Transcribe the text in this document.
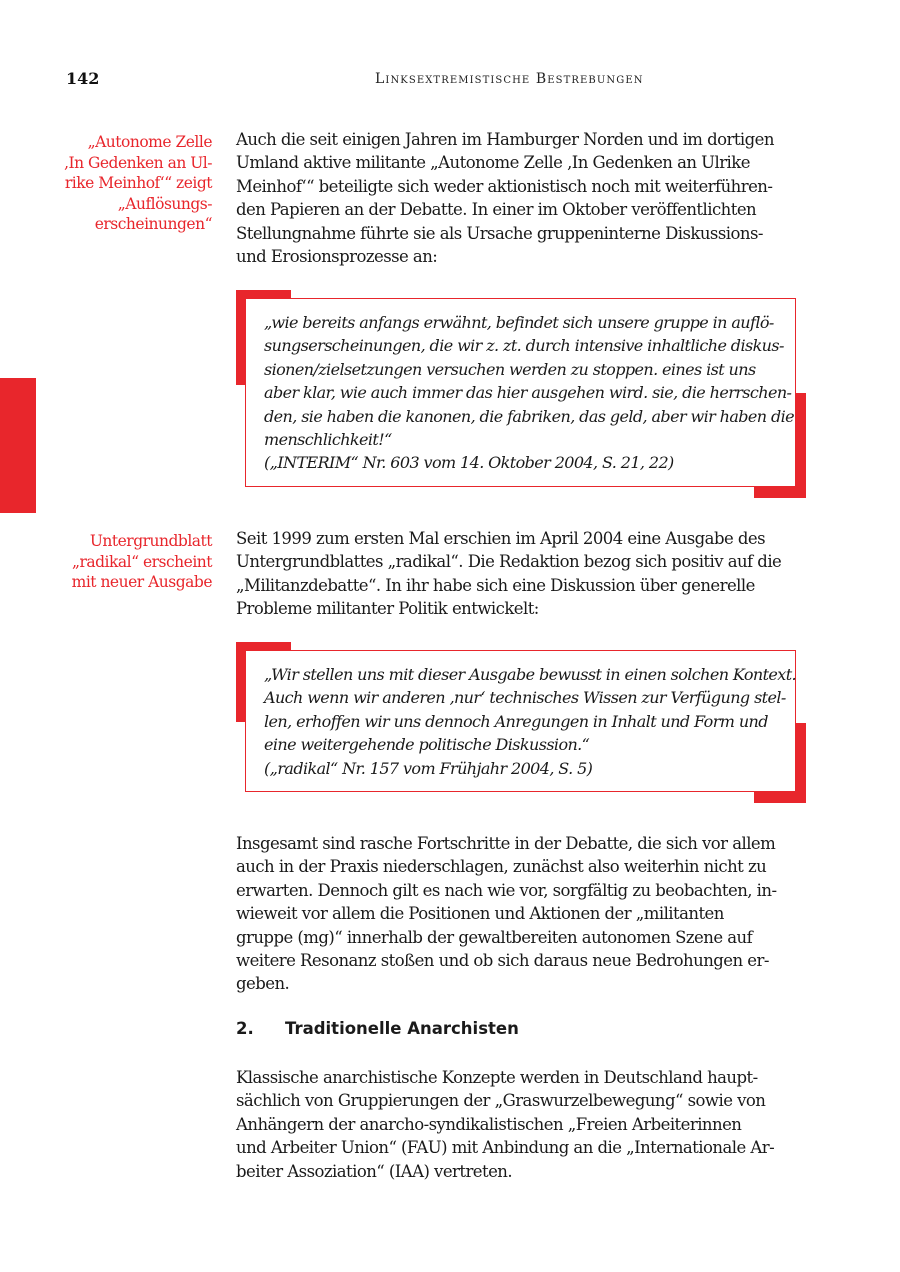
142	Linksextremistische Bestrebungen
„Autonome Zelle
‚In Gedenken an Ul-
rike Meinhof‘“ zeigt
„Auflösungs-
erscheinungen“
Auch die seit einigen Jahren im Hamburger Norden und im dortigen
Umland aktive militante „Autonome Zelle ‚In Gedenken an Ulrike
Meinhof‘“ beteiligte sich weder aktionistisch noch mit weiterführen-
den Papieren an der Debatte. In einer im Oktober veröffentlichten
Stellungnahme führte sie als Ursache gruppeninterne Diskussions-
und Erosionsprozesse an:
„wie bereits anfangs erwähnt, befindet sich unsere gruppe in auflö-
sungserscheinungen, die wir z. zt. durch intensive inhaltliche diskus-
sionen/zielsetzungen versuchen werden zu stoppen. eines ist uns
aber klar, wie auch immer das hier ausgehen wird. sie, die herrschen-
den, sie haben die kanonen, die fabriken, das geld, aber wir haben die
menschlichkeit!“
(„INTERIM“ Nr. 603 vom 14. Oktober 2004, S. 21, 22)
Untergrundblatt
„radikal“ erscheint
mit neuer Ausgabe
Seit 1999 zum ersten Mal erschien im April 2004 eine Ausgabe des
Untergrundblattes „radikal“. Die Redaktion bezog sich positiv auf die
„Militanzdebatte“. In ihr habe sich eine Diskussion über generelle
Probleme militanter Politik entwickelt:
„Wir stellen uns mit dieser Ausgabe bewusst in einen solchen Kontext.
Auch wenn wir anderen ‚nur‘ technisches Wissen zur Verfügung stel-
len, erhoffen wir uns dennoch Anregungen in Inhalt und Form und
eine weitergehende politische Diskussion.“
(„radikal“ Nr. 157 vom Frühjahr 2004, S. 5)
Insgesamt sind rasche Fortschritte in der Debatte, die sich vor allem
auch in der Praxis niederschlagen, zunächst also weiterhin nicht zu
erwarten. Dennoch gilt es nach wie vor, sorgfältig zu beobachten, in-
wieweit vor allem die Positionen und Aktionen der „militanten
gruppe (mg)“ innerhalb der gewaltbereiten autonomen Szene auf
weitere Resonanz stoßen und ob sich daraus neue Bedrohungen er-
geben.
2. Traditionelle Anarchisten
Klassische anarchistische Konzepte werden in Deutschland haupt-
sächlich von Gruppierungen der „Graswurzelbewegung“ sowie von
Anhängern der anarcho-syndikalistischen „Freien Arbeiterinnen
und Arbeiter Union“ (FAU) mit Anbindung an die „Internationale Ar-
beiter Assoziation“ (IAA) vertreten.
